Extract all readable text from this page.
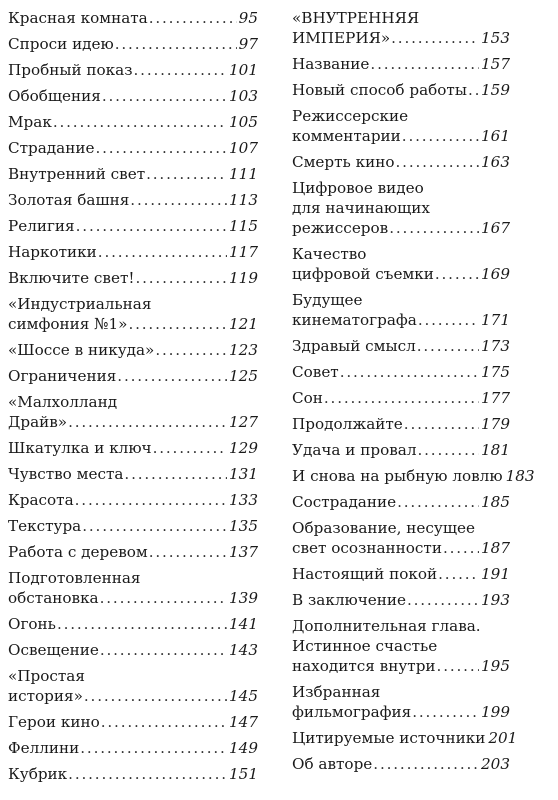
Красная комната . . .	95
Спроси идею . . .	97
Пробный показ . . .	101
Обобщения . . .	103
Мрак . . .	105
Страдание . . .	107
Внутренний свет . . .	111
Золотая башня . . .	113
Религия . . .	115
Наркотики . . .	117
Включите свет! . . .	119
«Индустриальная
симфония №1» . . .	121
«Шоссе в никуда» . . .	123
Ограничения . . .	125
«Малхолланд
Драйв» . . .	127
Шкатулка и ключ . . .	129
Чувство места . . .	131
Красота . . .	133
Текстура . . .	135
Работа с деревом . . .	137
Подготовленная
обстановка . . .	139
Огонь . . .	141
Освещение . . .	143
«Простая
история» . . .	145
Герои кино . . .	147
Феллини . . .	149
Кубрик . . .	151
«ВНУТРЕННЯЯ
ИМПЕРИЯ» . . .	153
Название . . .	157
Новый способ работы . . . 159
Режиссерские
комментарии . . .	161
Смерть кино . . .	163
Цифровое видео
для начинающих
режиссеров . . .	167
Качество
цифровой съемки . . .	169
Будущее
кинематографа . . .	171
Здравый смысл . . .	173
Совет . . .	175
Сон . . .	177
Продолжайте . . .	179
Удача и провал . . .	181
И снова на рыбную ловлю 183
Сострадание . . .	185
Образование, несущее
свет осознанности . . .	187
Настоящий покой . . .	191
В заключение . . .	193
Дополнительная глава.
Истинное счастье
находится внутри . . .	195
Избранная
фильмография . . .	199
Цитируемые источники 201
Об авторе . . .	203
